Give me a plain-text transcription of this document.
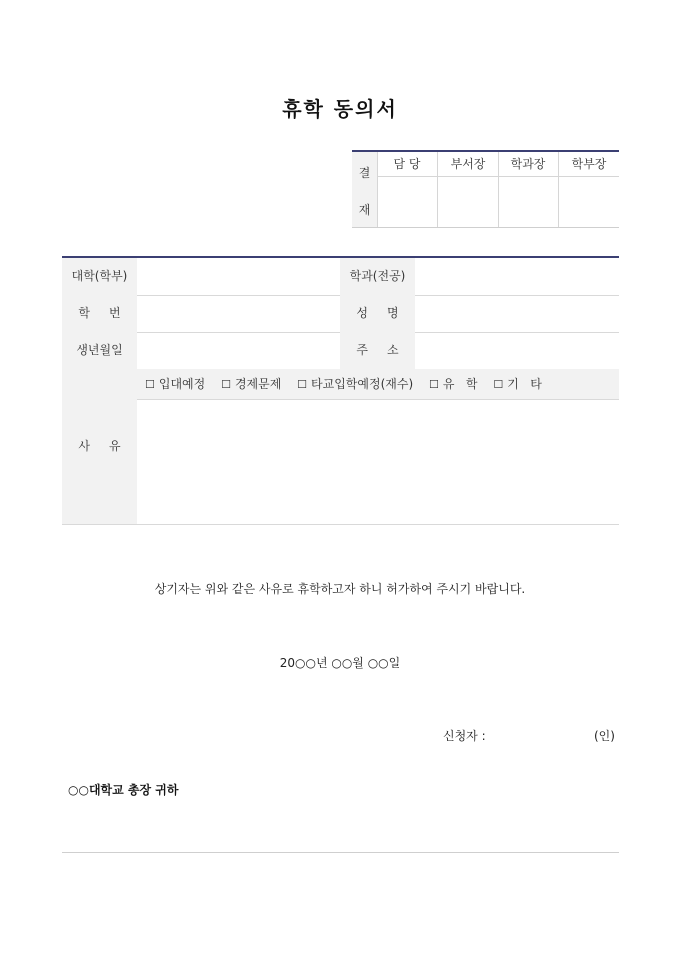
휴학 동의서
결
재
담 당	부서장	학과장	학부장
대학(학부)	학과(전공)
학     번	성     명
생년월일	주     소
사     유
☐ 입대예정 ☐ 경제문제 ☐ 타교입학예정(재수) ☐ 유   학 ☐ 기   타
상기자는 위와 같은 사유로 휴학하고자 하니 허가하여 주시기 바랍니다.
20○○년 ○○월 ○○일
신청자 :	(인)
○○대학교 총장 귀하
